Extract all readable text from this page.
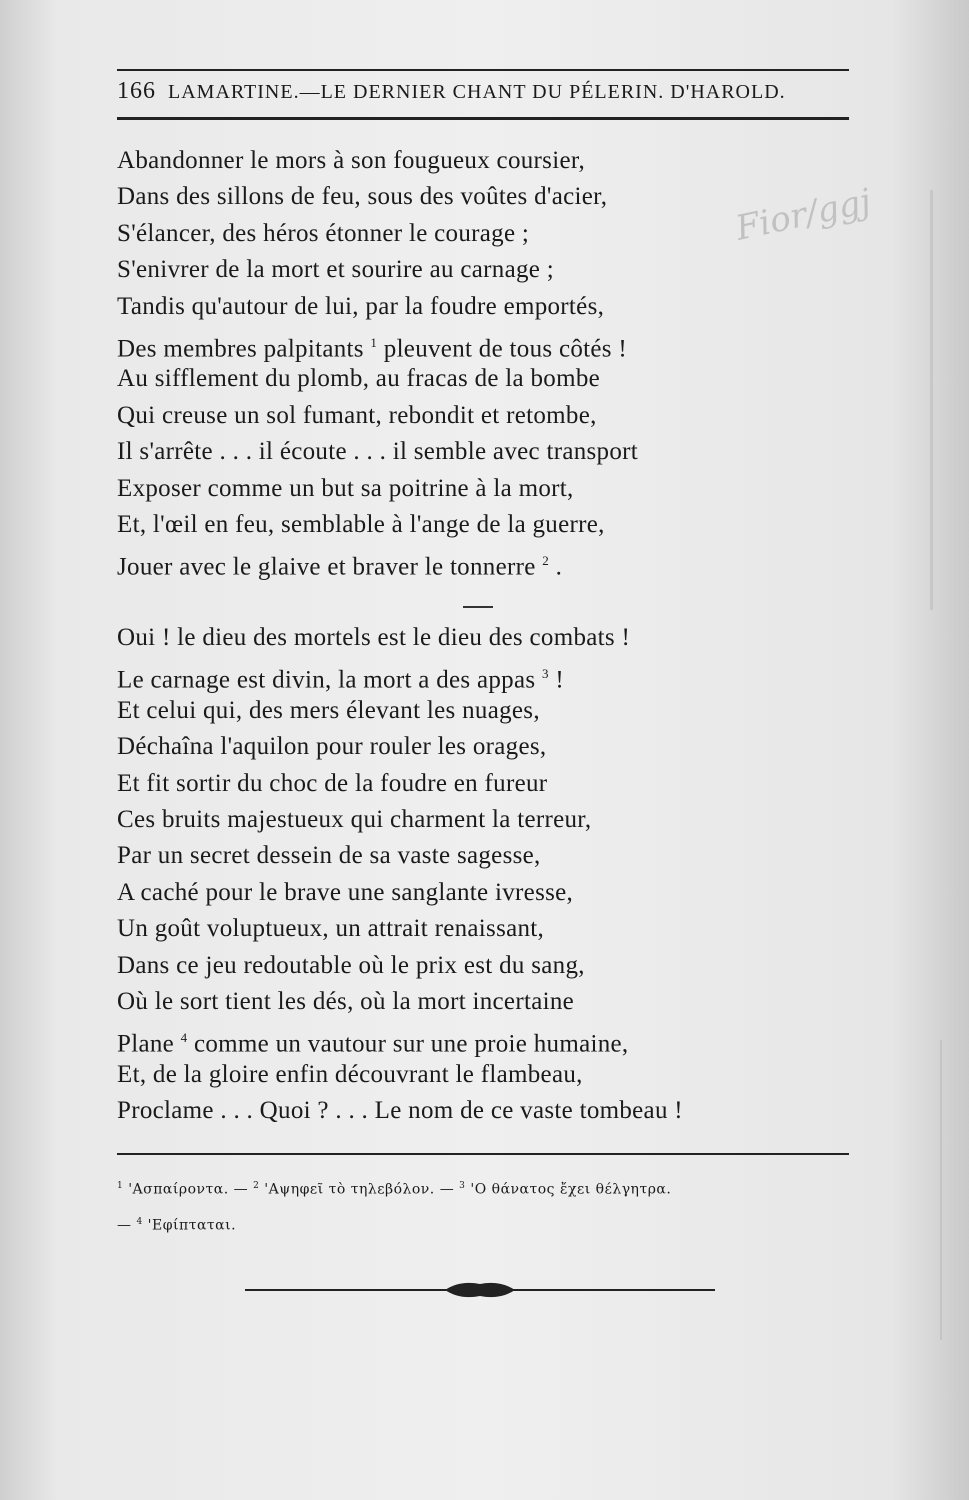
166 LAMARTINE.—LE DERNIER CHANT DU PÉLERIN. D'HAROLD.
Fior/ggj
Abandonner le mors à son fougueux coursier,
Dans des sillons de feu, sous des voûtes d'acier,
S'élancer, des héros étonner le courage ;
S'enivrer de la mort et sourire au carnage ;
Tandis qu'autour de lui, par la foudre emportés,
Des membres palpitants $^1$ pleuvent de tous côtés !
Au sifflement du plomb, au fracas de la bombe
Qui creuse un sol fumant, rebondit et retombe,
Il s'arrête . . . il écoute . . . il semble avec transport
Exposer comme un but sa poitrine à la mort,
Et, l'œil en feu, semblable à l'ange de la guerre,
Jouer avec le glaive et braver le tonnerre $^2$ .
Oui ! le dieu des mortels est le dieu des combats !
Le carnage est divin, la mort a des appas $^3$ !
Et celui qui, des mers élevant les nuages,
Déchaîna l'aquilon pour rouler les orages,
Et fit sortir du choc de la foudre en fureur
Ces bruits majestueux qui charment la terreur,
Par un secret dessein de sa vaste sagesse,
A caché pour le brave une sanglante ivresse,
Un goût voluptueux, un attrait renaissant,
Dans ce jeu redoutable où le prix est du sang,
Où le sort tient les dés, où la mort incertaine
Plane $^4$ comme un vautour sur une proie humaine,
Et, de la gloire enfin découvrant le flambeau,
Proclame . . . Quoi ? . . . Le nom de ce vaste tombeau !
$^1$ 'Ασπαίροντα. — $^2$ 'Αψηφεῖ τὸ τηλεβόλον. — $^3$ 'Ο θάνατος ἔχει θέλγητρα.
— $^4$ 'Εφίπταται.
